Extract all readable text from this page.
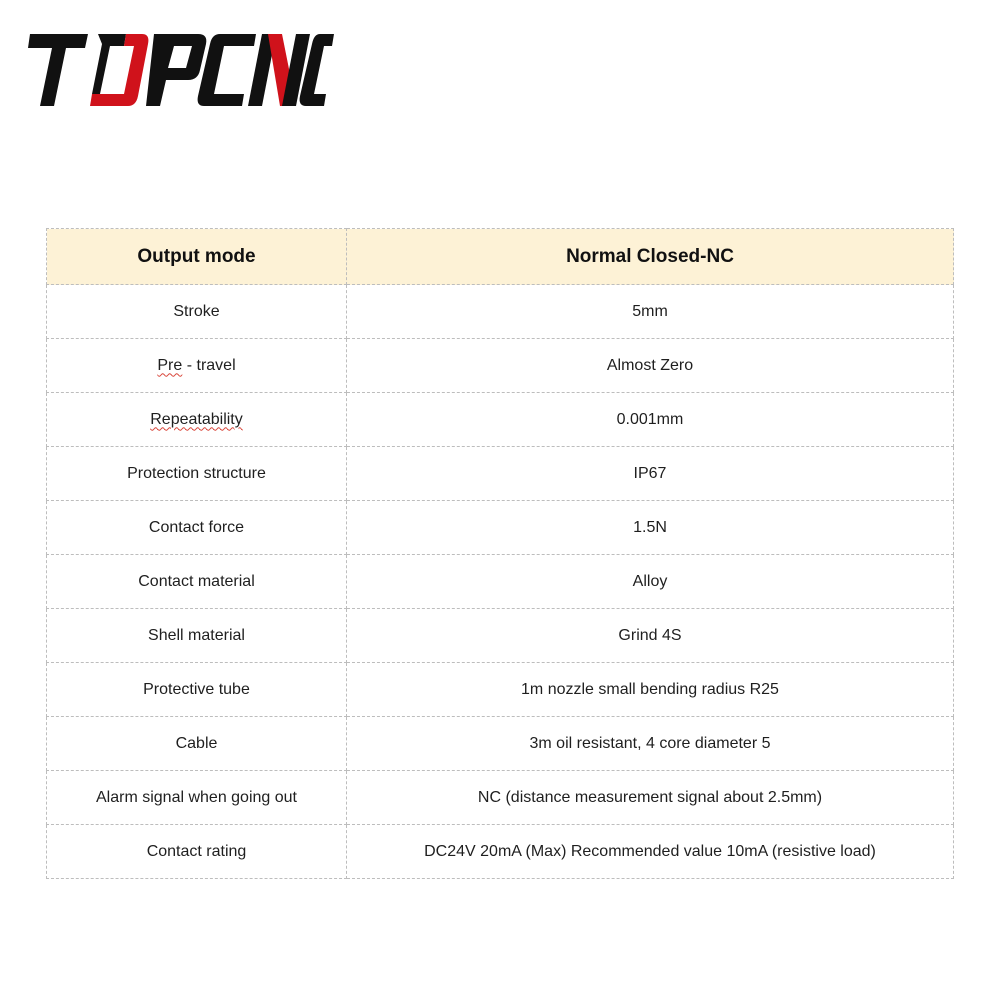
Output mode	Normal Closed-NC
Stroke	5mm
Pre - travel	Almost Zero
Repeatability	0.001mm
Protection structure	IP67
Contact force	1.5N
Contact material	Alloy
Shell material	Grind 4S
Protective tube	1m nozzle small bending radius R25
Cable	3m oil resistant, 4 core diameter 5
Alarm signal when going out	NC (distance measurement signal about 2.5mm)
Contact rating	DC24V 20mA (Max) Recommended value 10mA (resistive load)
